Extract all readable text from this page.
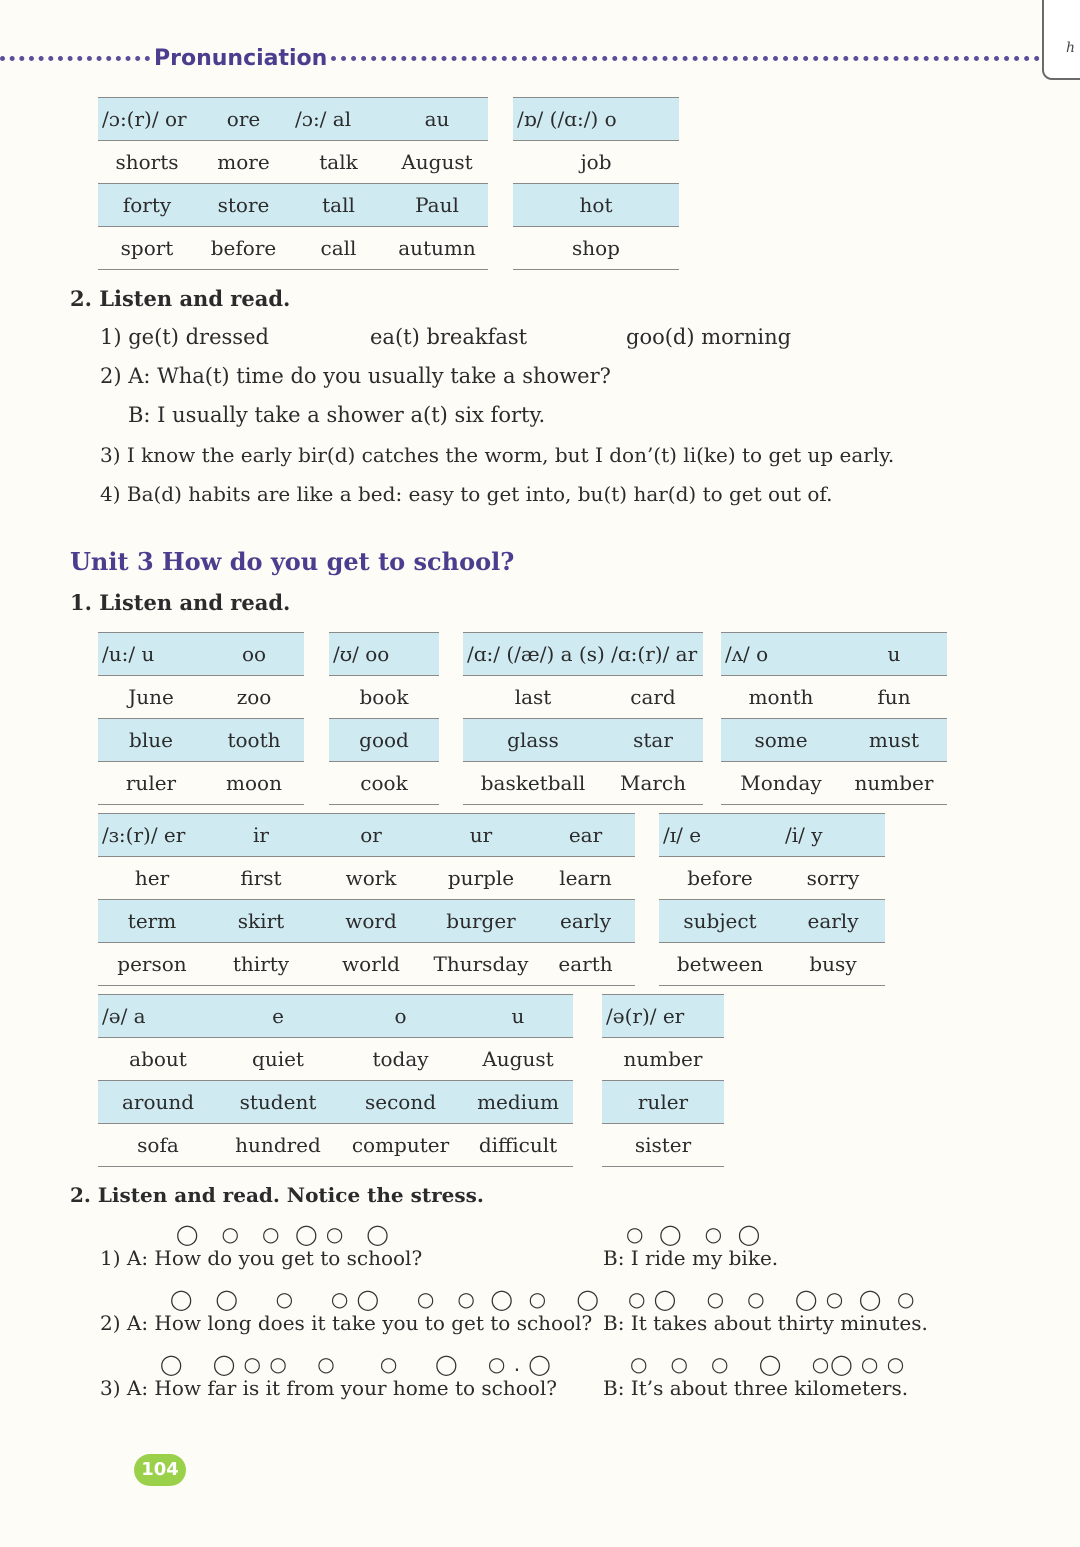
Pronunciation	h
/ɔ:(r)/ or	ore	/ɔ:/ al	au
shorts	more	talk	August
forty	store	tall	Paul
sport	before	call	autumn
/ɒ/ (/ɑ:/) o
job
hot
shop
2. Listen and read.
1) ge(t) dressed	ea(t) breakfast	goo(d) morning
2) A: Wha(t) time do you usually take a shower?
B: I usually take a shower a(t) six forty.
3) I know the early bir(d) catches the worm, but I don’(t) li(ke) to get up early.
4) Ba(d) habits are like a bed: easy to get into, bu(t) har(d) to get out of.
Unit 3 How do you get to school?
1. Listen and read.
/u:/ u	oo
June	zoo
blue	tooth
ruler	moon
/ʊ/ oo
book
good
cook
/ɑ:/ (/æ/) a (s) /ɑ:(r)/ ar	
last	card
glass	star
basketball	March
/ʌ/ o	u
month	fun
some	must
Monday	number
/ɜ:(r)/ er	ir	or	ur	ear
her	first	work	purple	learn
term	skirt	word	burger	early
person	thirty	world	Thursday	earth
/ɪ/ e	/i/ y
before	sorry
subject	early
between	busy
/ə/ a	e	o	u
about	quiet	today	August
around	student	second	medium
sofa	hundred	computer	difficult
/ə(r)/ er
number
ruler
sister
2. Listen and read. Notice the stress.
◯   ○   ○  ◯ ○   ◯
1) A: How do you get to school?
○  ◯   ○  ◯
B: I ride my bike.
◯   ◯     ○     ○ ◯     ○   ○  ◯  ○    ◯
2) A: How long does it take you to get to school?
○ ◯    ○   ○    ◯ ○  ◯  ○
B: It takes about thirty minutes.
◯    ◯ ○ ○    ○      ○     ◯    ○ . ◯
3) A: How far is it from your home to school?
○   ○   ○    ◯    ○◯ ○ ○
B: It’s about three kilometers.
104
